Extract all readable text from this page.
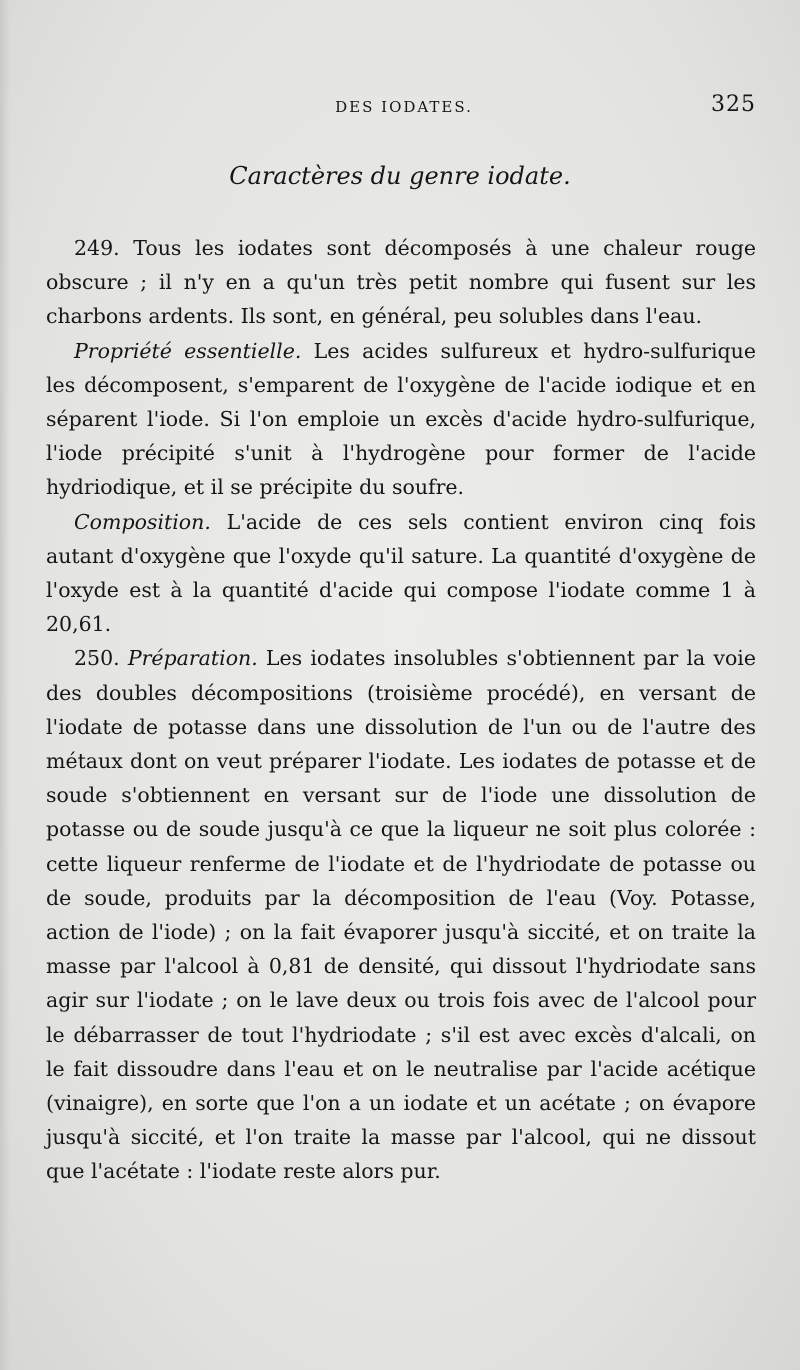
DES IODATES.	325
Caractères du genre iodate.

249. Tous les iodates sont décomposés à une chaleur rouge obscure ; il n'y en a qu'un très petit nombre qui fusent sur les charbons ardents. Ils sont, en général, peu solubles dans l'eau.

Propriété essentielle. Les acides sulfureux et hydro-sulfurique les décomposent, s'emparent de l'oxygène de l'acide iodique et en séparent l'iode. Si l'on emploie un excès d'acide hydro-sulfurique, l'iode précipité s'unit à l'hydrogène pour former de l'acide hydriodique, et il se précipite du soufre.

Composition. L'acide de ces sels contient environ cinq fois autant d'oxygène que l'oxyde qu'il sature. La quantité d'oxygène de l'oxyde est à la quantité d'acide qui compose l'iodate comme 1 à 20,61.

250. Préparation. Les iodates insolubles s'obtiennent par la voie des doubles décompositions (troisième procédé), en versant de l'iodate de potasse dans une dissolution de l'un ou de l'autre des métaux dont on veut préparer l'iodate. Les iodates de potasse et de soude s'obtiennent en versant sur de l'iode une dissolution de potasse ou de soude jusqu'à ce que la liqueur ne soit plus colorée : cette liqueur renferme de l'iodate et de l'hydriodate de potasse ou de soude, produits par la décomposition de l'eau (Voy. Potasse, action de l'iode) ; on la fait évaporer jusqu'à siccité, et on traite la masse par l'alcool à 0,81 de densité, qui dissout l'hydriodate sans agir sur l'iodate ; on le lave deux ou trois fois avec de l'alcool pour le débarrasser de tout l'hydriodate ; s'il est avec excès d'alcali, on le fait dissoudre dans l'eau et on le neutralise par l'acide acétique (vinaigre), en sorte que l'on a un iodate et un acétate ; on évapore jusqu'à siccité, et l'on traite la masse par l'alcool, qui ne dissout que l'acétate : l'iodate reste alors pur.
